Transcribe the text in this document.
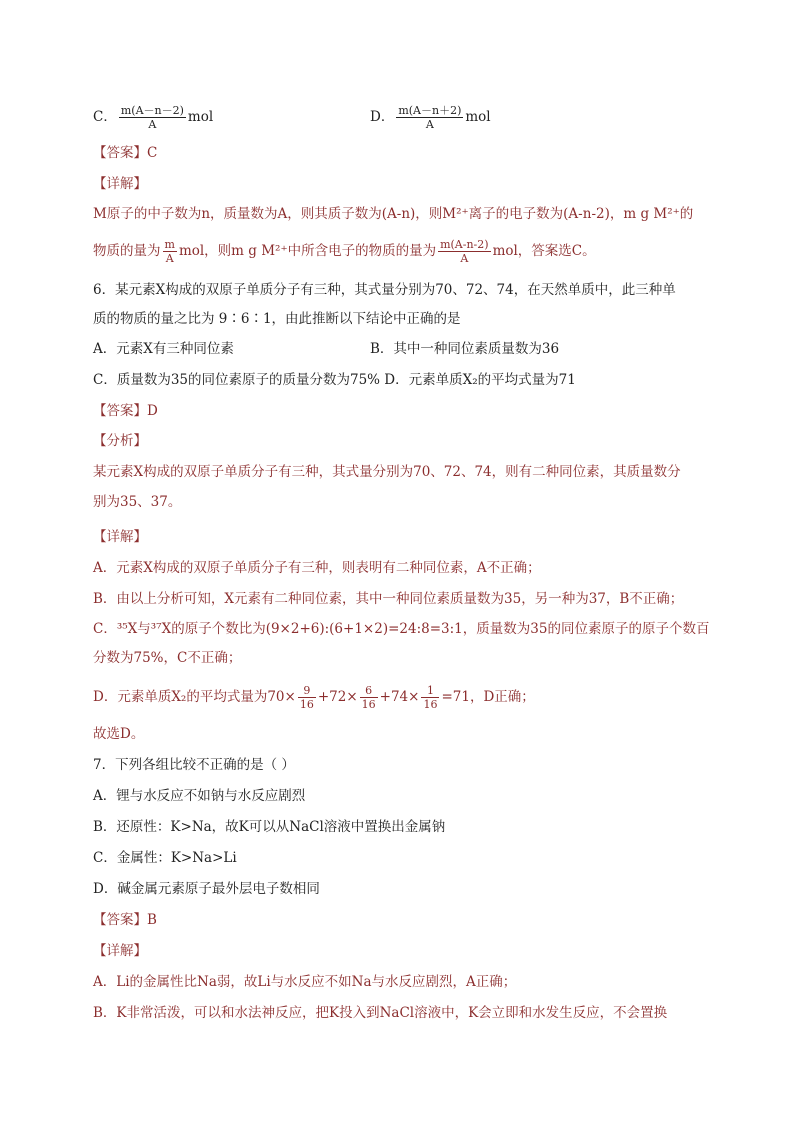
C． $\frac{m(A-n-2)}{A}$ mol	D． $\frac{m(A-n+2)}{A}$ mol
【答案】C
【详解】
M原子的中子数为n，质量数为A，则其质子数为(A-n)，则M²⁺离子的电子数为(A-n-2)，m g M²⁺的
物质的量为 $\frac{m}{A}$ mol，则m g M²⁺中所含电子的物质的量为 $\frac{m(A-n-2)}{A}$ mol，答案选C。
6．某元素X构成的双原子单质分子有三种，其式量分别为70、72、74，在天然单质中，此三种单
质的物质的量之比为 9∶6∶1，由此推断以下结论中正确的是
A．元素X有三种同位素	B．其中一种同位素质量数为36
C．质量数为35的同位素原子的质量分数为75% D．元素单质X₂的平均式量为71
【答案】D
【分析】
某元素X构成的双原子单质分子有三种，其式量分别为70、72、74，则有二种同位素，其质量数分
别为35、37。
【详解】
A．元素X构成的双原子单质分子有三种，则表明有二种同位素，A不正确；
B．由以上分析可知，X元素有二种同位素，其中一种同位素质量数为35，另一种为37，B不正确；
C．³⁵X与³⁷X的原子个数比为(9×2+6):(6+1×2)=24:8=3:1，质量数为35的同位素原子的原子个数百
分数为75%，C不正确；
D．元素单质X₂的平均式量为$70\times \frac{9}{16} +72\times \frac{6}{16} +74\times \frac{1}{16} =71$，D正确；
故选D。
7．下列各组比较不正确的是（ ）
A．锂与水反应不如钠与水反应剧烈
B．还原性：K>Na，故K可以从NaCl溶液中置换出金属钠
C．金属性：K>Na>Li
D．碱金属元素原子最外层电子数相同
【答案】B
【详解】
A．Li的金属性比Na弱，故Li与水反应不如Na与水反应剧烈，A正确；
B．K非常活泼，可以和水法神反应，把K投入到NaCl溶液中，K会立即和水发生反应，不会置换
